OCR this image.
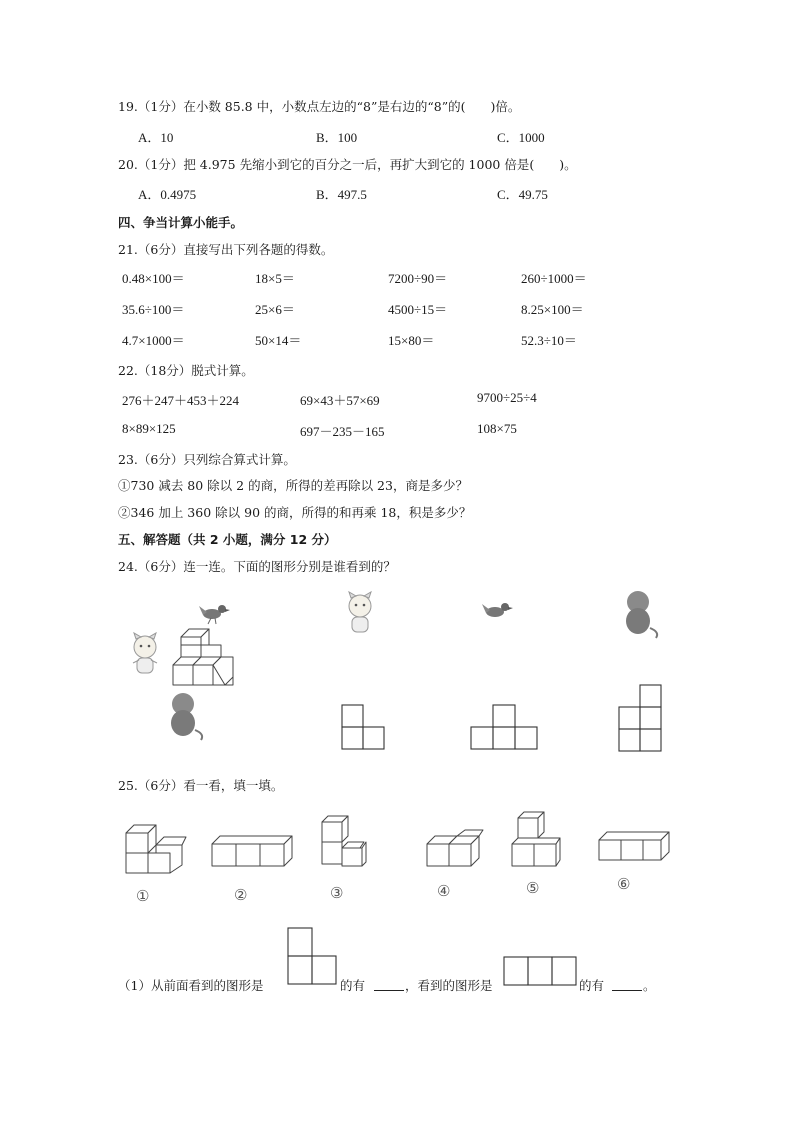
19.（1分）在小数 85.8 中，小数点左边的“8”是右边的“8”的(　　)倍。
A．10	B．100	C．1000
20.（1分）把 4.975 先缩小到它的百分之一后，再扩大到它的 1000 倍是(　　)。
A．0.4975	B．497.5	C．49.75
四、争当计算小能手。
21.（6分）直接写出下列各题的得数。
0.48×100＝	18×5＝	7200÷90＝	260÷1000＝
35.6÷100＝	25×6＝	4500÷15＝	8.25×100＝
4.7×1000＝	50×14＝	15×80＝	52.3÷10＝
22.（18分）脱式计算。
276＋247＋453＋224	69×43＋57×69	9700÷25÷4
8×89×125	697－235－165	108×75
23.（6分）只列综合算式计算。
①730 减去 80 除以 2 的商，所得的差再除以 23，商是多少？
②346 加上 360 除以 90 的商，所得的和再乘 18，积是多少？
五、解答题（共 2 小题，满分 12 分）
24.（6分）连一连。下面的图形分别是谁看到的？
25.（6分）看一看，填一填。
①	②	③	④	⑤	⑥
（1）从前面看到的图形是	的有	，看到的图形是	的有	。
